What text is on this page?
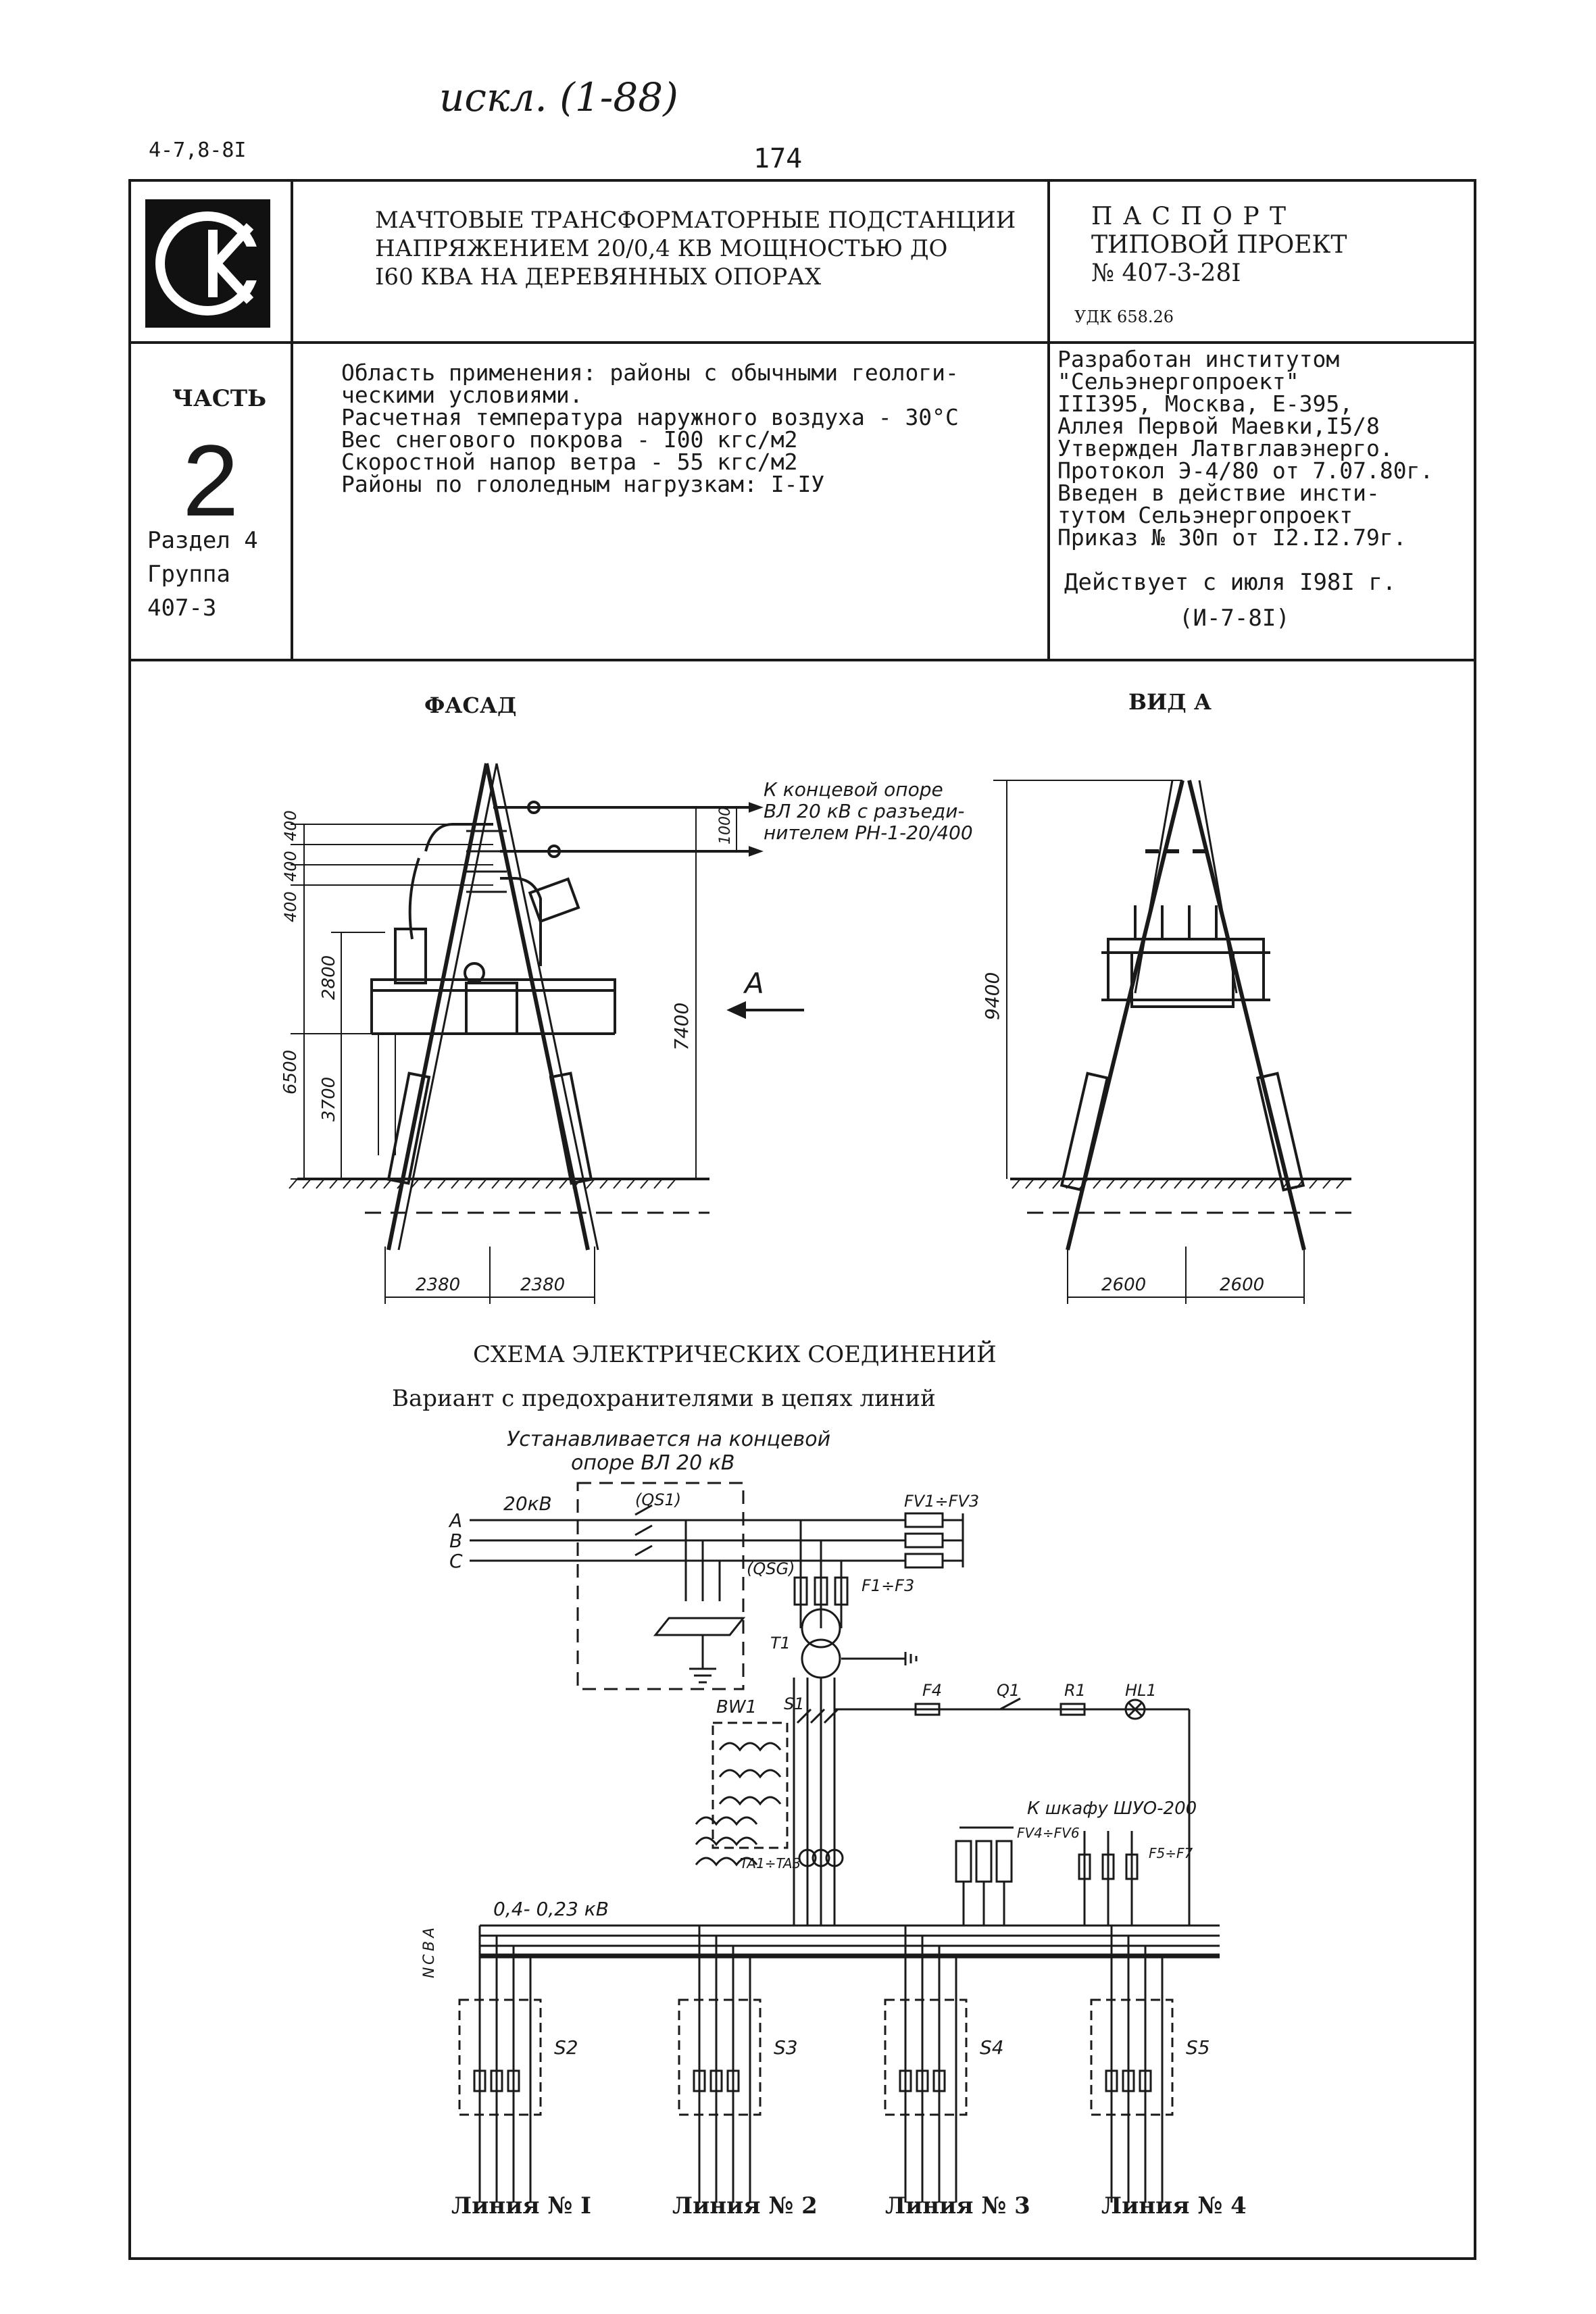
искл. (1-88)
4-7,8-8I	174
МАЧТОВЫЕ ТРАНСФОРМАТОРНЫЕ ПОДСТАНЦИИ
НАПРЯЖЕНИЕМ 20/0,4 КВ МОЩНОСТЬЮ ДО
I60 КВА НА ДЕРЕВЯННЫХ ОПОРАХ
П А С П О Р Т
ТИПОВОЙ ПРОЕКТ
№ 407-3-28I
УДК 658.26
ЧАСТЬ
2
Раздел 4
Группа
407-3
Область применения: районы с обычными геологи-
ческими условиями.
Расчетная температура наружного воздуха - 30°С
Вес снегового покрова - I00 кгс/м2
Скоростной напор ветра - 55 кгс/м2
Районы по гололедным нагрузкам: I-IУ
Разработан институтом
"Сельэнергопроект"
III395, Москва, Е-395,
Аллея Первой Маевки,I5/8
Утвержден Латвглавэнерго.
Протокол Э-4/80 от 7.07.80г.
Введен в действие инсти-
тутом Сельэнергопроект
Приказ № 30п от I2.I2.79г.
Действует с июля I98I г.
(И-7-8I)
ФАСАД	ВИД А
К концевой опоре
ВЛ 20 кВ с разъеди-
нителем РН-1-20/400
А
400
400
400
2800
6500
3700
1000
7400
2380	2380
9400
2600	2600
СХЕМА ЭЛЕКТРИЧЕСКИХ СОЕДИНЕНИЙ
Вариант с предохранителями в цепях линий
Устанавливается на концевой
опоре ВЛ 20 кВ
А
В
С
20кВ	(QS1)
(QSG)
FV1÷FV3
F1÷F3
T1
BW1 S1
F4	Q1	R1 HL1
К шкафу ШУО-200
FV4÷FV6
F5÷F7
TA1÷TA3
0,4- 0,23 кВ
А
В
С
N
S2	S3	S4	S5
Линия № I	Линия № 2	Линия № 3	Линия № 4
